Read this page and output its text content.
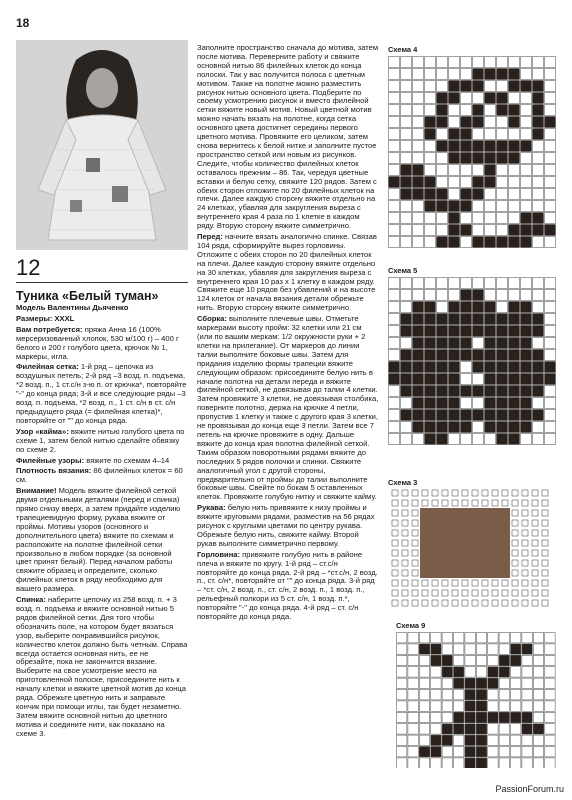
18
12
Туника «Белый туман»

Модель Валентины Дьяченко

Размеры: XXXL

Вам потребуется: пряжа Анна 16 (100% мерсеризованный хлопок, 530 м/100 г) – 400 г белого и 200 г голубого цвета, крючок № 1, маркеры, игла.

Филейная сетка: 1-й ряд – цепочка из воздушных петель; 2-й ряд –3 возд. п. подъема, *2 возд. п., 1 ст.с/н з-ю п. от крючка*, повторяйте "-" до конца ряда; 3-й и все следующие ряды –3 возд. п. подъема, *2 возд. п., 1 ст. с/н в ст. с/н предыдущего ряда (= филейная клетка)*, повторяйте от "" до конца ряда.

Узор «кайма»: вяжите нитью голубого цвета по схеме 1, затем белой нитью сделайте обвязку по схеме 2.

Филейные узоры: вяжите по схемам 4–14

Плотность вязания: 86 филейных клеток = 60 см.

Внимание! Модель вяжите филейной сеткой двумя отдельными деталями (перед и спинка) прямо снизу вверх, а затем придайте изделию трапециевидную форму, рукава вяжите от проймы. Мотивы узоров (основного и дополнительного цвета) вяжите по схемам и расположите на полотне филейной сетки произвольно в любом порядке (за основной цвет принят белый). Перед началом работы свяжите образец и определите, сколько филейных клеток в ряду необходимо для вашего размера.

Спинка: наберите цепочку из 258 возд. п. + 3 возд. п. подъема и вяжите основной нитью 5 рядов филейной сетки. Для того чтобы обозначить поле, на котором будет вязаться узор, выберите понравившийся рисунок, количество клеток должно быть четным. Справа всегда остается основная нить, ее не обрезайте, пока не закончится вязание. Выберите на свое усмотрение место на приготовленной полоске, присоедините нить к началу клетки и вяжите цветной мотив до конца ряда. Обрежьте цветную нить и заправьте кончик при помощи иглы, так будет незаметно. Затем вяжите основной нитью до цветного мотива и соедините нити, как показано на схеме 3.

Заполните пространство сначала до мотива, затем после мотива. Переверните работу и свяжите основной нитью 86 филейных клеток до конца полоски. Так у вас получится полоса с цветным мотивом. Также на полотне можно разместить рисунок нитью основного цвета. Подберите по своему усмотрению рисунок и вместо филейной сетки вяжите новый мотив. Новый цветной мотив можно начать вязать на полотне, когда сетка основного цвета достигнет середины первого цветного мотива. Провяжите его целиком, затем снова вернитесь к белой нитке и заполните пустое пространство сеткой или новым из рисунков. Следите, чтобы количество филейных клеток оставалось прежним – 86. Так, чередуя цветные вставки и белую сетку, свяжите 120 рядов. Затем с обеих сторон отложите по 20 филейных клеток на плечи. Далее каждую сторону вяжите отдельно на 24 клетках, убавляя для закругления выреза с внутреннего края 4 раза по 1 клетке в каждом ряду. Вторую сторону вяжите симметрично.

Перед: начните вязать аналогично спинке. Связав 104 ряда, сформируйте вырез горловины. Отложите с обеих сторон по 20 филейных клеток на плечи. Далее каждую сторону вяжите отдельно на 30 клетках, убавляя для закругления выреза с внутреннего края 10 раз х 1 клетку в каждом ряду. Свяжите еще 10 рядов без убавлений и на высоте 124 клеток от начала вязания детали обрежьте нить. Вторую сторону вяжите симметрично.

Сборка: выполните плечевые швы. Отметьте маркерами высоту пройм: 32 клетки или 21 см (или по вашим меркам: 1/2 окружности руки + 2 клетки на прилегание). От маркеров до линии талии выполните боковые швы. Затем для придания изделию формы трапеции вяжите следующим образом: присоедините белую нить в начале полотна на детали переда и вяжите филейной сеткой, не довязывая до талии 4 клетки. Затем провяжите 3 клетки, не довязывая столбика, поверните полотно, держа на крючке 4 петли, пропустив 1 клетку и также с другого края 3 клетки, не провязывая до конца еще 3 петли. Затем все 7 петель на крючке провяжите в одну. Дальше вяжите до конца края полотна филейной сеткой. Таким образом поворотными рядами вяжите до последних 5 рядов полочки и спинки. Свяжите аналогичный угол с другой стороны, предварительно от проймы до талии выполните боковые швы. Свейте по бокам 5 оставленных клеток. Провяжите голубую нитку и свяжите кайму.

Рукава: белую нить привяжите к низу проймы и вяжите круговыми рядами, разместив на 56 рядах рисунок с круглыми цветами по центру рукава. Обрежьте белую нить, свяжите кайму. Второй рукав выполните симметрично первому.

Горловина: привяжите голубую нить в районе плеча и вяжите по кругу. 1-й ряд – ст.с/н повторяйте до конца ряда. 2-й ряд – *ст.с/н, 2 возд. п., ст. с/н*, повторяйте от "" до конца ряда. 3-й ряд – *ст. с/н, 2 возд. п., ст. с/н, 2 возд. п., 1 возд. п., рельефный полкори из 5 ст. с/н, 1 возд. п.*, повторяйте "-" до конца ряда. 4-й ряд – ст. с/н повторяйте до конца ряда.

Схема 4
Схема 5
Схема 3
Схема 9
PassionForum.ru
